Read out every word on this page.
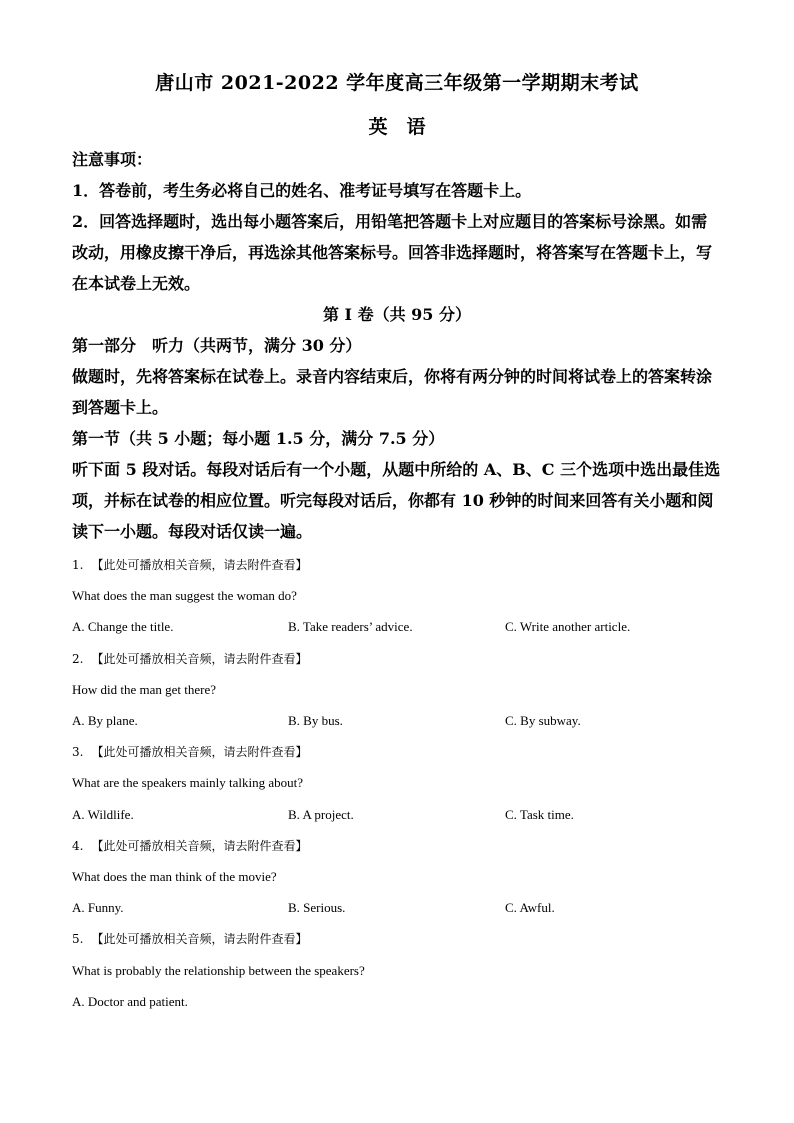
唐山市 2021-2022 学年度高三年级第一学期期末考试
英　语
注意事项：
1．答卷前，考生务必将自己的姓名、准考证号填写在答题卡上。
2．回答选择题时，选出每小题答案后，用铅笔把答题卡上对应题目的答案标号涂黑。如需
改动，用橡皮擦干净后，再选涂其他答案标号。回答非选择题时，将答案写在答题卡上，写
在本试卷上无效。
第 I 卷（共 95 分）
第一部分　听力（共两节，满分 30 分）
做题时，先将答案标在试卷上。录音内容结束后，你将有两分钟的时间将试卷上的答案转涂
到答题卡上。
第一节（共 5 小题；每小题 1.5 分，满分 7.5 分）
听下面 5 段对话。每段对话后有一个小题，从题中所给的 A、B、C 三个选项中选出最佳选
项，并标在试卷的相应位置。听完每段对话后，你都有 10 秒钟的时间来回答有关小题和阅
读下一小题。每段对话仅读一遍。
1. 【此处可播放相关音频，请去附件查看】
What does the man suggest the woman do?
A. Change the title.	B. Take readers’ advice.	C. Write another article.
2. 【此处可播放相关音频，请去附件查看】
How did the man get there?
A. By plane.	B. By bus.	C. By subway.
3. 【此处可播放相关音频，请去附件查看】
What are the speakers mainly talking about?
A. Wildlife.	B. A project.	C. Task time.
4. 【此处可播放相关音频，请去附件查看】
What does the man think of the movie?
A. Funny.	B. Serious.	C. Awful.
5. 【此处可播放相关音频，请去附件查看】
What is probably the relationship between the speakers?
A. Doctor and patient.
